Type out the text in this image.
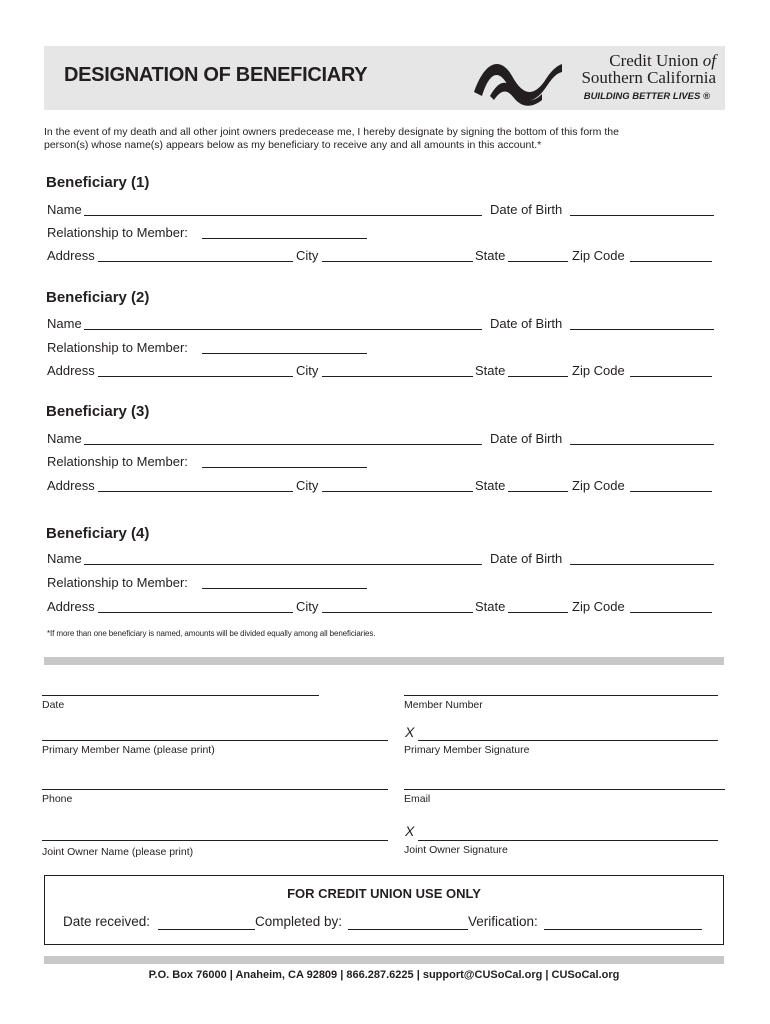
DESIGNATION OF BENEFICIARY
Credit Union of
Southern California
BUILDING BETTER LIVES ®
In the event of my death and all other joint owners predecease me, I hereby designate by signing the bottom of this form the
person(s) whose name(s) appears below as my beneficiary to receive any and all amounts in this account.*
Beneficiary (1)
Name	Date of Birth
Relationship to Member:
Address	City	State	Zip Code
Beneficiary (2)
Name	Date of Birth
Relationship to Member:
Address	City	State	Zip Code
Beneficiary (3)
Name	Date of Birth
Relationship to Member:
Address	City	State	Zip Code
Beneficiary (4)
Name	Date of Birth
Relationship to Member:
Address	City	State	Zip Code
*If more than one beneficiary is named, amounts will be divided equally among all beneficiaries.
Date	Member Number
Primary Member Name (please print)
X
Primary Member Signature
Phone	Email
Joint Owner Name (please print)
X
Joint Owner Signature
FOR CREDIT UNION USE ONLY
Date received:	Completed by:	Verification:
P.O. Box 76000 | Anaheim, CA 92809 | 866.287.6225 | support@CUSoCal.org | CUSoCal.org
